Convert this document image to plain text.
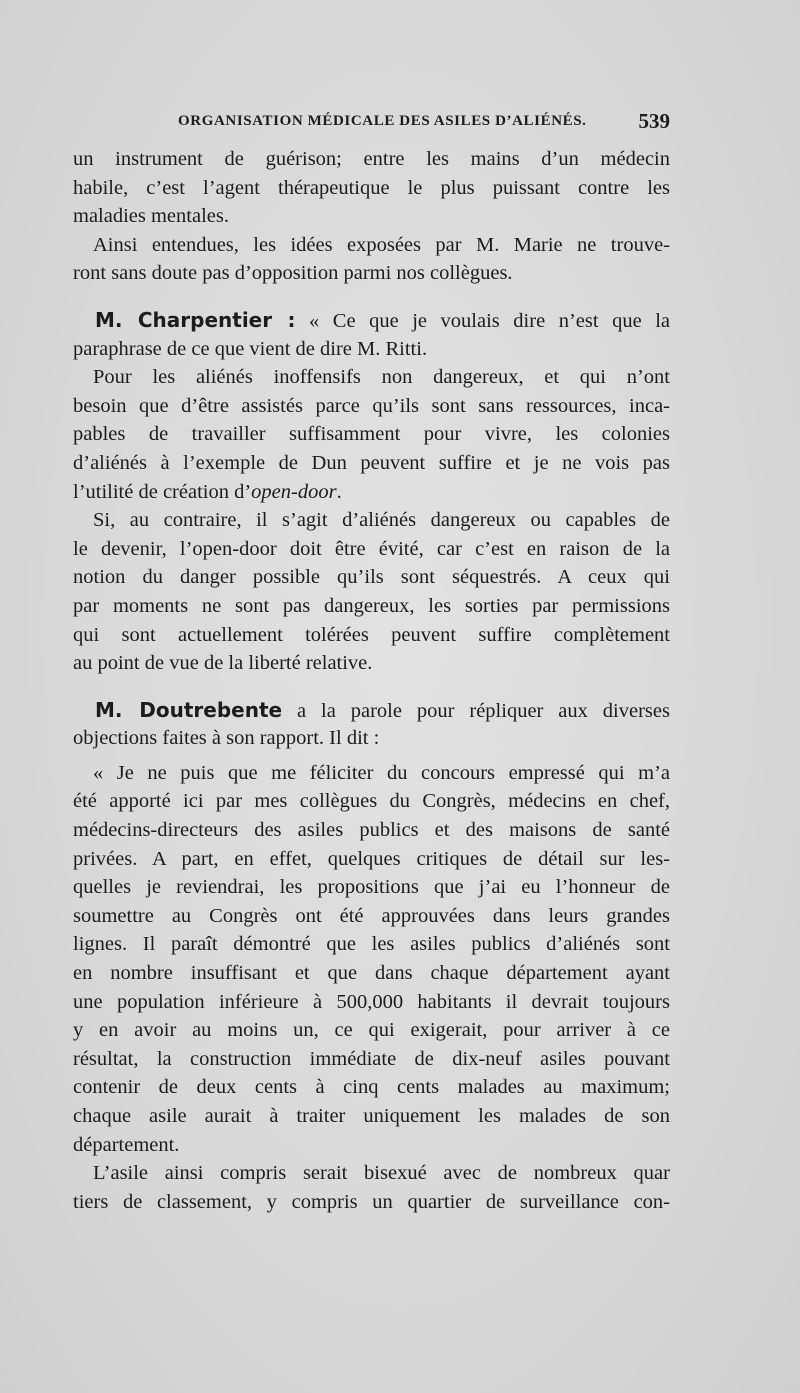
ORGANISATION MÉDICALE DES ASILES D’ALIÉNÉS. 539
un instrument de guérison; entre les mains d’un médecin
habile, c’est l’agent thérapeutique le plus puissant contre les
maladies mentales.
Ainsi entendues, les idées exposées par M. Marie ne trouve-
ront sans doute pas d’opposition parmi nos collègues.
M. Charpentier : « Ce que je voulais dire n’est que la
paraphrase de ce que vient de dire M. Ritti.
Pour les aliénés inoffensifs non dangereux, et qui n’ont
besoin que d’être assistés parce qu’ils sont sans ressources, inca-
pables de travailler suffisamment pour vivre, les colonies
d’aliénés à l’exemple de Dun peuvent suffire et je ne vois pas
l’utilité de création d’open-door.
Si, au contraire, il s’agit d’aliénés dangereux ou capables de
le devenir, l’open-door doit être évité, car c’est en raison de la
notion du danger possible qu’ils sont séquestrés. A ceux qui
par moments ne sont pas dangereux, les sorties par permissions
qui sont actuellement tolérées peuvent suffire complètement
au point de vue de la liberté relative.
M. Doutrebente a la parole pour répliquer aux diverses
objections faites à son rapport. Il dit :
« Je ne puis que me féliciter du concours empressé qui m’a
été apporté ici par mes collègues du Congrès, médecins en chef,
médecins-directeurs des asiles publics et des maisons de santé
privées. A part, en effet, quelques critiques de détail sur les-
quelles je reviendrai, les propositions que j’ai eu l’honneur de
soumettre au Congrès ont été approuvées dans leurs grandes
lignes. Il paraît démontré que les asiles publics d’aliénés sont
en nombre insuffisant et que dans chaque département ayant
une population inférieure à 500,000 habitants il devrait toujours
y en avoir au moins un, ce qui exigerait, pour arriver à ce
résultat, la construction immédiate de dix-neuf asiles pouvant
contenir de deux cents à cinq cents malades au maximum;
chaque asile aurait à traiter uniquement les malades de son
département.
L’asile ainsi compris serait bisexué avec de nombreux quar
tiers de classement, y compris un quartier de surveillance con-
